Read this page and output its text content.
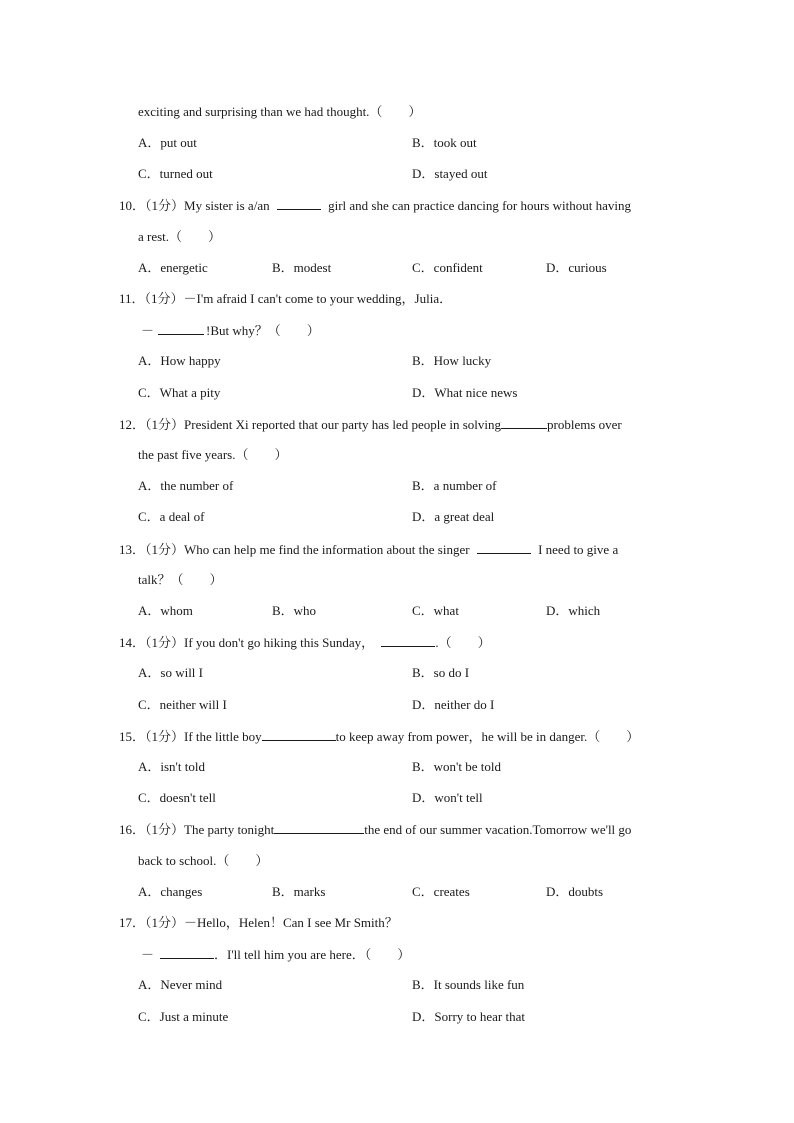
exciting and surprising than we had thought.（　　）
A．put out	B．took out
C．turned out	D．stayed out
10．（1分）My sister is a/an	girl and she can practice dancing for hours without having
a rest.（　　）
A．energetic	B．modest	C．confident	D．curious
11．（1分）－I'm afraid I can't come to your wedding，Julia．
－	!But why？（　　）
A．How happy	B．How lucky
C．What a pity	D．What nice news
12．（1分）President Xi reported that our party has led people in solving	problems over
the past five years.（　　）
A．the number of	B．a number of
C．a deal of	D．a great deal
13．（1分）Who can help me find the information about the singer	I need to give a
talk？（　　）
A．whom	B．who	C．what	D．which
14．（1分）If you don't go hiking this Sunday，	.（　　）
A．so will I	B．so do I
C．neither will I	D．neither do I
15．（1分）If the little boy	to keep away from power，he will be in danger.（　　）
A．isn't told	B．won't be told
C．doesn't tell	D．won't tell
16．（1分）The party tonight	the end of our summer vacation.Tomorrow we'll go
back to school.（　　）
A．changes	B．marks	C．creates	D．doubts
17．（1分）－Hello，Helen！Can I see Mr Smith？
－	．I'll tell him you are here．（　　）
A．Never mind	B．It sounds like fun
C．Just a minute	D．Sorry to hear that
